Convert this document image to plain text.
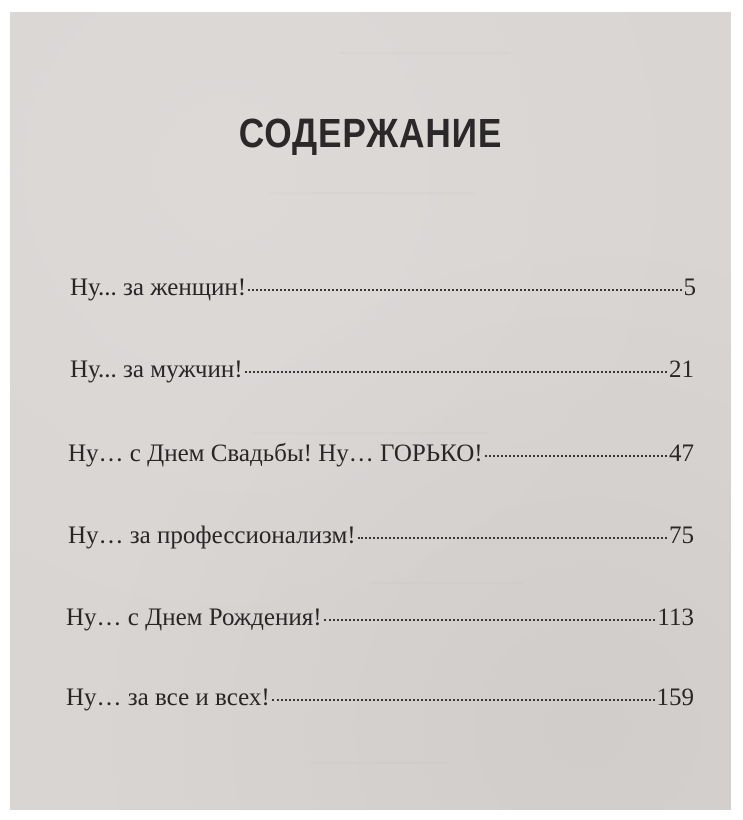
——————————
————————————
——————————————
—————————
————————
СОДЕРЖАНИЕ
Ну... за женщин!	5
Ну... за мужчин!	21
Ну… с Днем Свадьбы! Ну… ГОРЬКО!	47
Ну… за профессионализм!	75
Ну… с Днем Рождения!	113
Ну… за все и всех!	159
